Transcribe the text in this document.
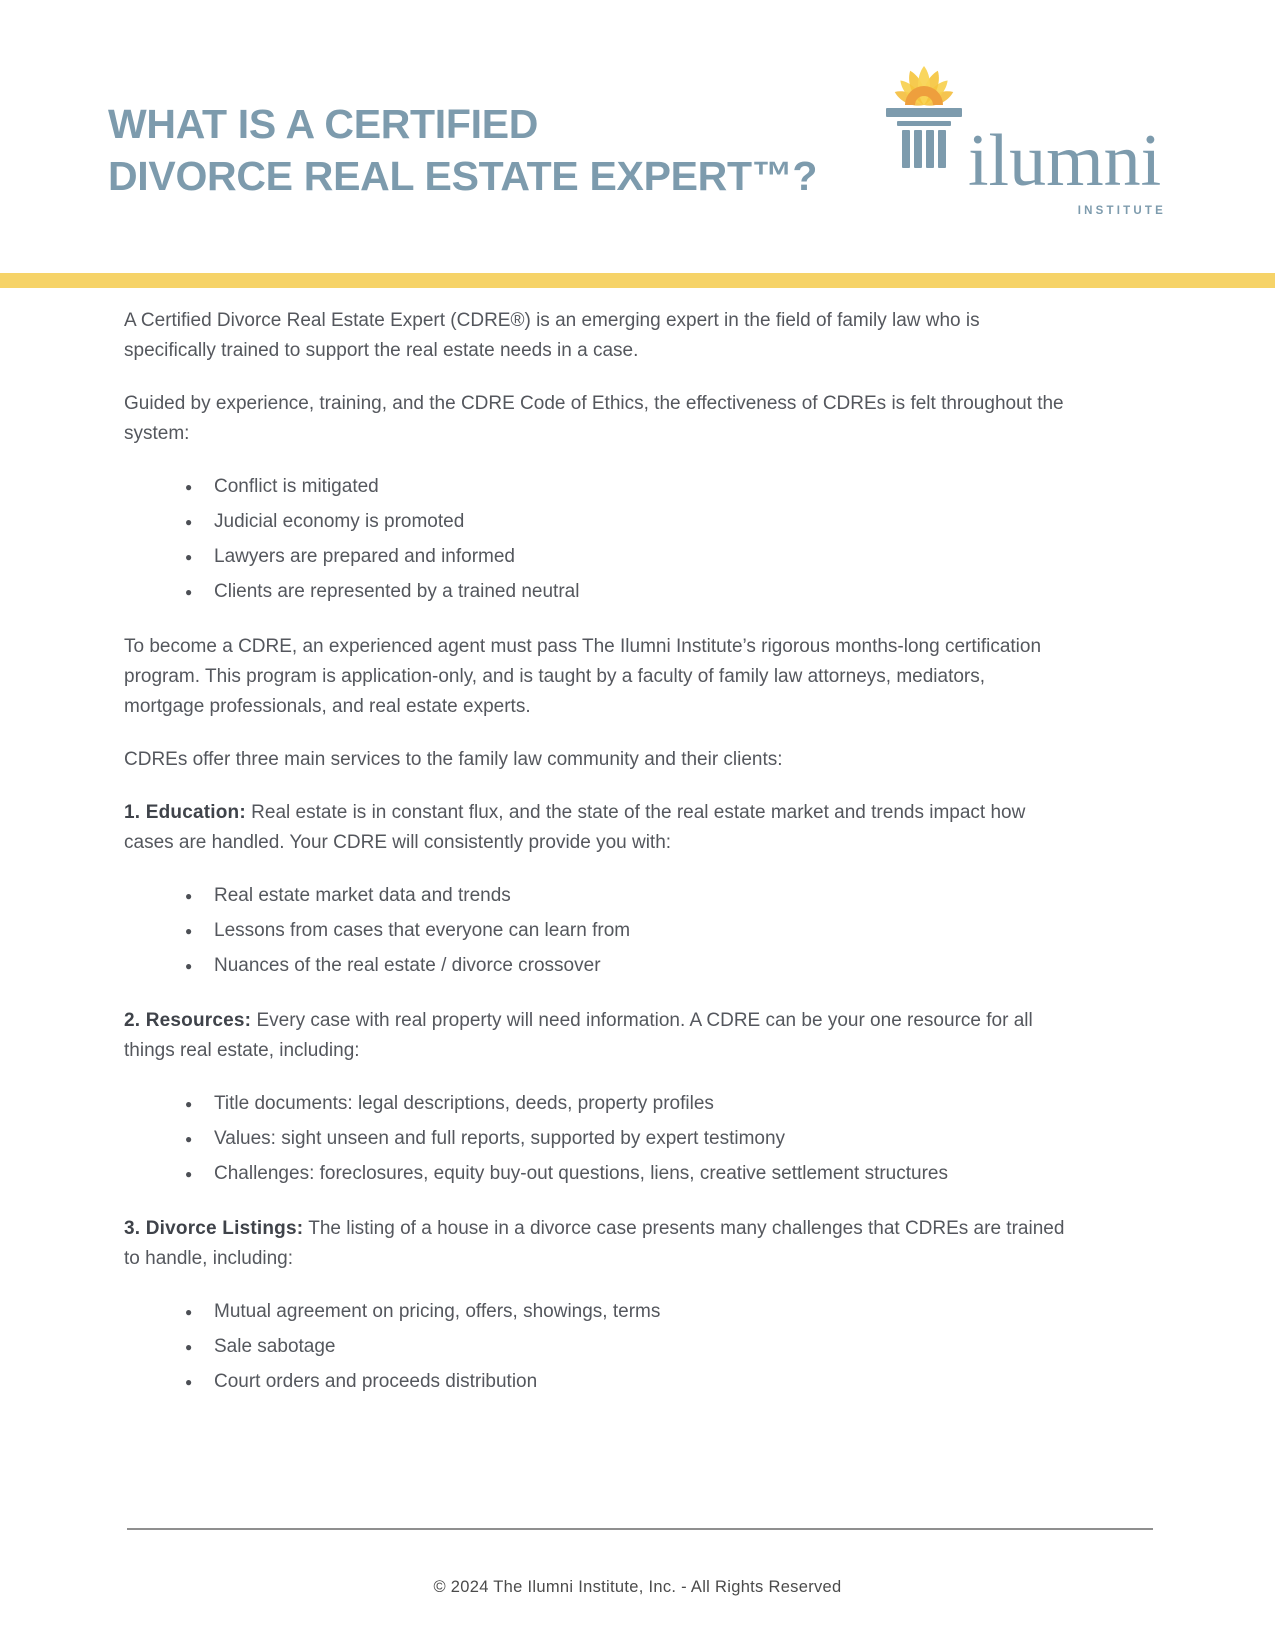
WHAT IS A CERTIFIED
DIVORCE REAL ESTATE EXPERT™? ilumni
INSTITUTE

A Certified Divorce Real Estate Expert (CDRE®) is an emerging expert in the field of family law who is specifically trained to support the real estate needs in a case.

Guided by experience, training, and the CDRE Code of Ethics, the effectiveness of CDREs is felt throughout the system:

● Conflict is mitigated
● Judicial economy is promoted
● Lawyers are prepared and informed
● Clients are represented by a trained neutral

To become a CDRE, an experienced agent must pass The Ilumni Institute’s rigorous months-long certification program. This program is application-only, and is taught by a faculty of family law attorneys, mediators, mortgage professionals, and real estate experts.

CDREs offer three main services to the family law community and their clients:

1. Education: Real estate is in constant flux, and the state of the real estate market and trends impact how cases are handled. Your CDRE will consistently provide you with:

● Real estate market data and trends
● Lessons from cases that everyone can learn from
● Nuances of the real estate / divorce crossover

2. Resources: Every case with real property will need information. A CDRE can be your one resource for all things real estate, including:

● Title documents: legal descriptions, deeds, property profiles
● Values: sight unseen and full reports, supported by expert testimony
● Challenges: foreclosures, equity buy-out questions, liens, creative settlement structures

3. Divorce Listings: The listing of a house in a divorce case presents many challenges that CDREs are trained to handle, including:

● Mutual agreement on pricing, offers, showings, terms
● Sale sabotage
● Court orders and proceeds distribution
© 2024 The Ilumni Institute, Inc. - All Rights Reserved
